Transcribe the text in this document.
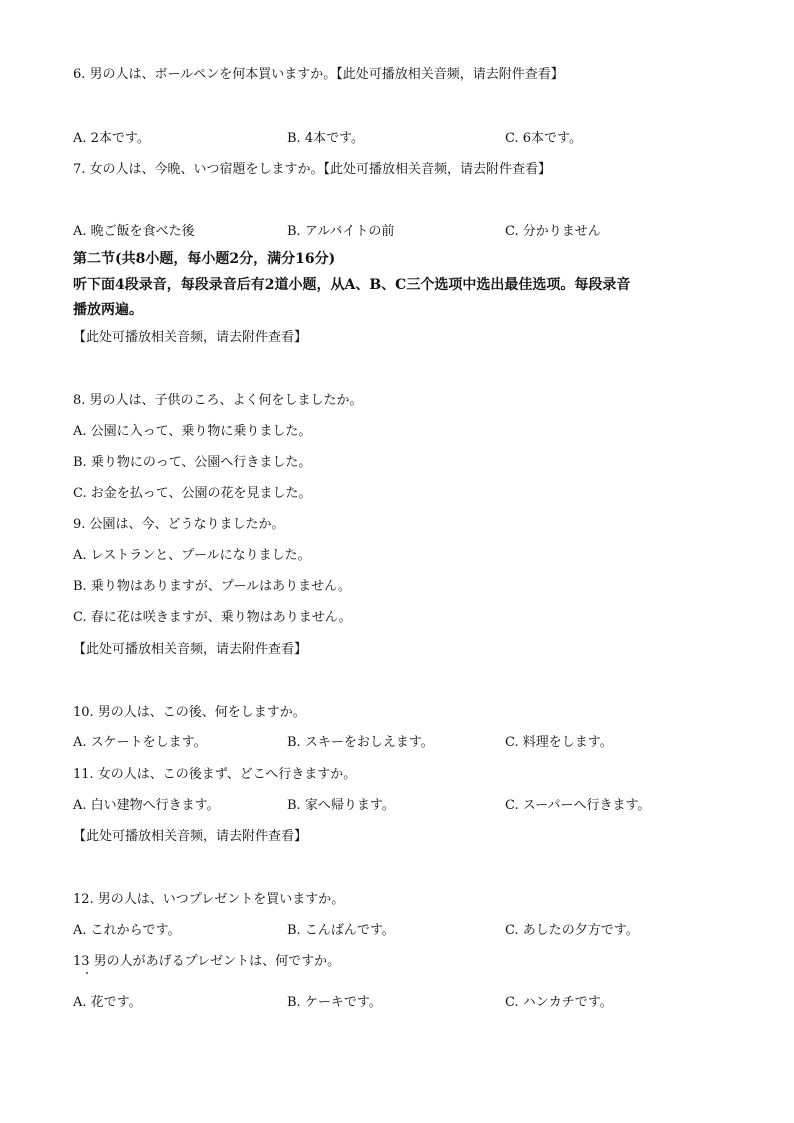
6. 男の人は、ボールペンを何本買いますか。【此处可播放相关音频，请去附件查看】
A. 2本です。	B. 4本です。	C. 6本です。
7. 女の人は、今晩、いつ宿題をしますか。【此处可播放相关音频，请去附件查看】
A. 晩ご飯を食べた後	B. アルバイトの前	C. 分かりません
第二节(共8小题，每小题2分，满分16分)
听下面4段录音，每段录音后有2道小题，从A、B、C三个选项中选出最佳选项。每段录音
播放两遍。
【此处可播放相关音频，请去附件查看】
8. 男の人は、子供のころ、よく何をしましたか。
A. 公園に入って、乗り物に乗りました。
B. 乗り物にのって、公園へ行きました。
C. お金を払って、公園の花を見ました。
9. 公園は、今、どうなりましたか。
A. レストランと、プールになりました。
B. 乗り物はありますが、プールはありません。
C. 春に花は咲きますが、乗り物はありません。
【此处可播放相关音频，请去附件查看】
10. 男の人は、この後、何をしますか。
A. スケートをします。	B. スキーをおしえます。	C. 料理をします。
11. 女の人は、この後まず、どこへ行きますか。
A. 白い建物へ行きます。	B. 家へ帰ります。	C. スーパーへ行きます。
【此处可播放相关音频，请去附件查看】
12. 男の人は、いつプレゼントを買いますか。
A. これからです。	B. こんばんです。	C. あしたの夕方です。
13 男の人があげるプレゼントは、何ですか。
A. 花です。	B. ケーキです。	C. ハンカチです。
